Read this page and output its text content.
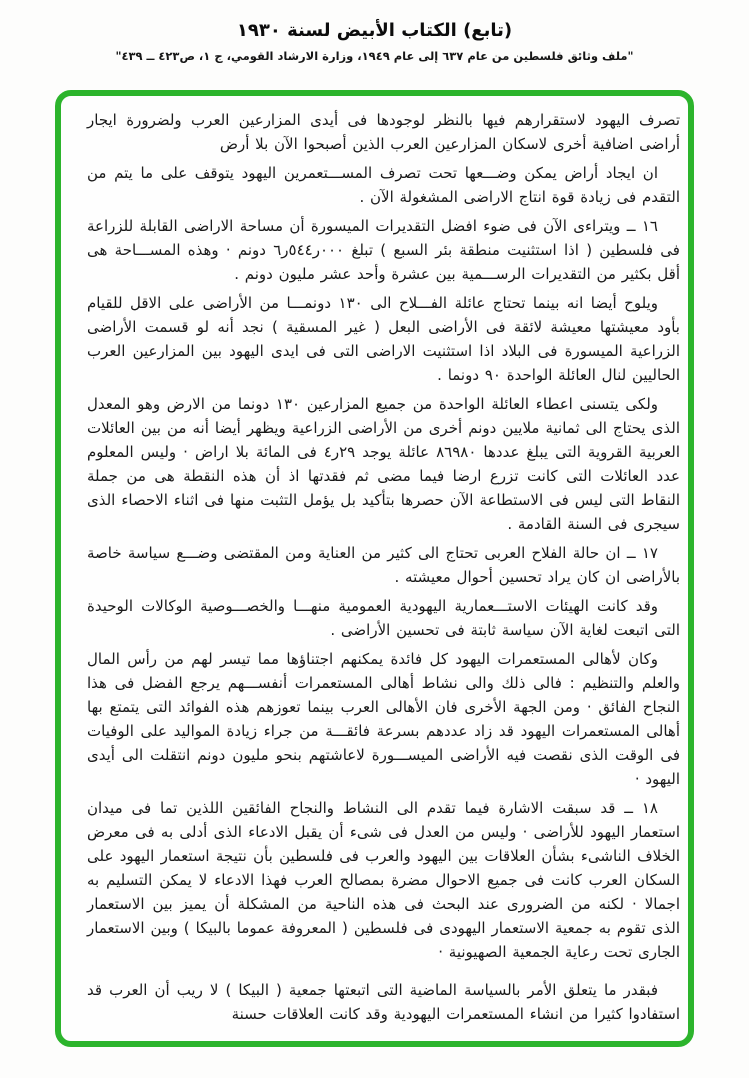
(تابع) الكتاب الأبيض لسنة ١٩٣٠
"ملف وثائق فلسطين من عام ٦٣٧ إلى عام ١٩٤٩، وزارة الارشاد القومي، ج ١، ص٤٢٣ ــ ٤٣٩"

تصرف اليهود لاستقرارهم فيها بالنظر لوجودها فى أيدى المزارعين العرب ولضرورة ايجار أراضى اضافية أخرى لاسكان المزارعين العرب الذين أصبحوا الآن بلا أرض

ان ايجاد أراض يمكن وضـــعها تحت تصرف المســـتعمرين اليهود يتوقف على ما يتم من التقدم فى زيادة قوة انتاج الاراضى المشغولة الآن .

١٦ ــ ويتراءى الآن فى ضوء افضل التقديرات الميسورة أن مساحة الاراضى القابلة للزراعة فى فلسطين ( اذا استثنيت منطقة بئر السبع ) تبلغ ٠٠٠ر٥٤٤ر٦ دونم · وهذه المســـاحة هى أقل بكثير من التقديرات الرســـمية بين عشرة وأحد عشر مليون دونم .

ويلوح أيضا انه بينما تحتاج عائلة الفـــلاح الى ١٣٠ دونمـــا من الأراضى على الاقل للقيام بأود معيشتها معيشة لائقة فى الأراضى البعل ( غير المسقية ) نجد أنه لو قسمت الأراضى الزراعية الميسورة فى البلاد اذا استثنيت الاراضى التى فى ايدى اليهود بين المزارعين العرب الحاليين لنال العائلة الواحدة ٩٠ دونما .

ولكى يتسنى اعطاء العائلة الواحدة من جميع المزارعين ١٣٠ دونما من الارض وهو المعدل الذى يحتاج الى ثمانية ملايين دونم أخرى من الأراضى الزراعية ويظهر أيضا أنه من بين العائلات العربية القروية التى يبلغ عددها ٨٦٩٨٠ عائلة يوجد ٢٩ر٤ فى المائة بلا اراض · وليس المعلوم عدد العائلات التى كانت تزرع ارضا فيما مضى ثم فقدتها اذ أن هذه النقطة هى من جملة النقاط التى ليس فى الاستطاعة الآن حصرها بتأكيد بل يؤمل التثبت منها فى اثناء الاحصاء الذى سيجرى فى السنة القادمة .

١٧ ــ ان حالة الفلاح العربى تحتاج الى كثير من العناية ومن المقتضى وضـــع سياسة خاصة بالأراضى ان كان يراد تحسين أحوال معيشته .

وقد كانت الهيئات الاستـــعمارية اليهودية العمومية منهـــا والخصـــوصية الوكالات الوحيدة التى اتبعت لغاية الآن سياسة ثابتة فى تحسين الأراضى .

وكان لأهالى المستعمرات اليهود كل فائدة يمكنهم اجتناؤها مما تيسر لهم من رأس المال والعلم والتنظيم : فالى ذلك والى نشاط أهالى المستعمرات أنفســـهم يرجع الفضل فى هذا النجاح الفائق · ومن الجهة الأخرى فان الأهالى العرب بينما تعوزهم هذه الفوائد التى يتمتع بها أهالى المستعمرات اليهود قد زاد عددهم بسرعة فائقـــة من جراء زيادة المواليد على الوفيات فى الوقت الذى نقصت فيه الأراضى الميســـورة لاعاشتهم بنحو مليون دونم انتقلت الى أيدى اليهود ·

١٨ ــ قد سبقت الاشارة فيما تقدم الى النشاط والنجاح الفائقين اللذين تما فى ميدان استعمار اليهود للأراضى · وليس من العدل فى شىء أن يقبل الادعاء الذى أدلى به فى معرض الخلاف الناشىء بشأن العلاقات بين اليهود والعرب فى فلسطين بأن نتيجة استعمار اليهود على السكان العرب كانت فى جميع الاحوال مضرة بمصالح العرب فهذا الادعاء لا يمكن التسليم به اجمالا · لكنه من الضرورى عند البحث فى هذه الناحية من المشكلة أن يميز بين الاستعمار الذى تقوم به جمعية الاستعمار اليهودى فى فلسطين ( المعروفة عموما بالبيكا ) وبين الاستعمار الجارى تحت رعاية الجمعية الصهيونية ·

فبقدر ما يتعلق الأمر بالسياسة الماضية التى اتبعتها جمعية ( البيكا ) لا ريب أن العرب قد استفادوا كثيرا من انشاء المستعمرات اليهودية وقد كانت العلاقات حسنة
